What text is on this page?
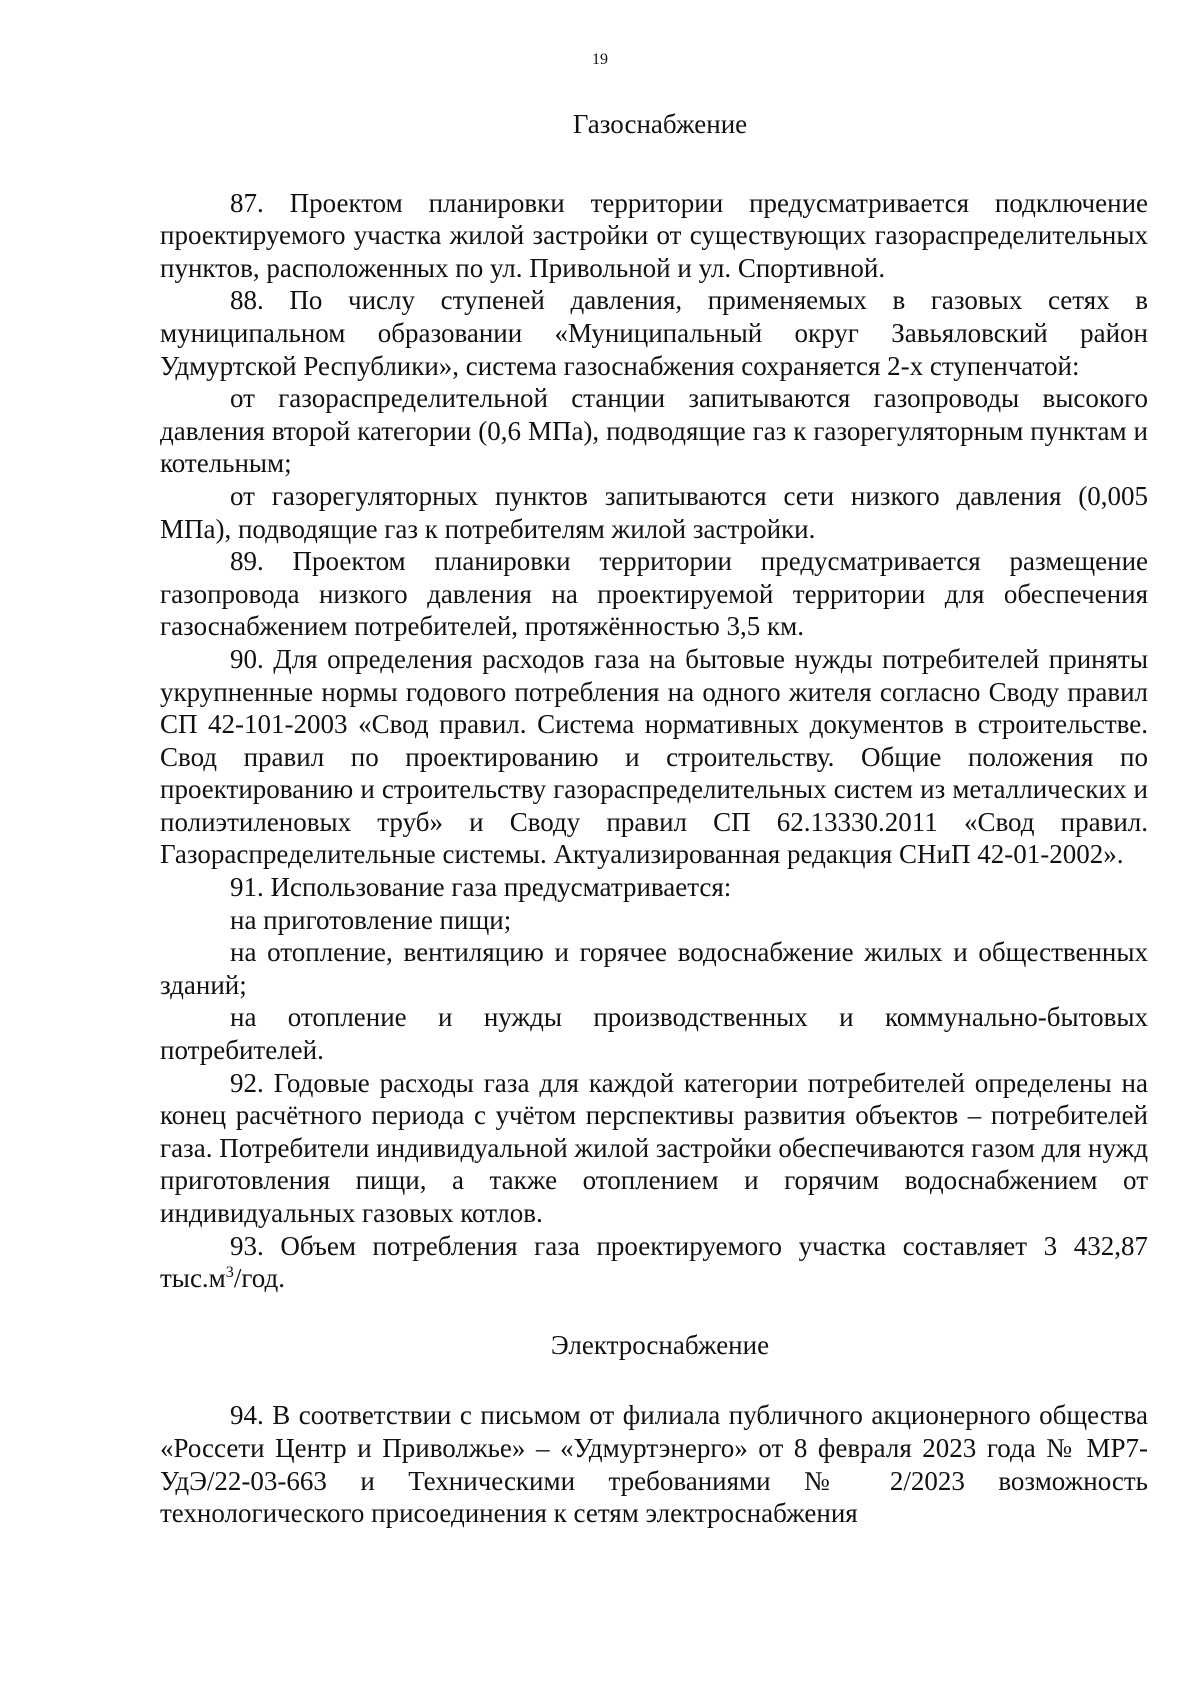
19
Газоснабжение

87. Проектом планировки территории предусматривается подключение проектируемого участка жилой застройки от существующих газораспределительных пунктов, расположенных по ул. Привольной и ул. Спортивной.

88. По числу ступеней давления, применяемых в газовых сетях в муниципальном образовании «Муниципальный округ Завьяловский район Удмуртской Республики», система газоснабжения сохраняется 2-х ступенчатой:

от газораспределительной станции запитываются газопроводы высокого давления второй категории (0,6 МПа), подводящие газ к газорегуляторным пунктам и котельным;

от газорегуляторных пунктов запитываются сети низкого давления (0,005 МПа), подводящие газ к потребителям жилой застройки.

89. Проектом планировки территории предусматривается размещение газопровода низкого давления на проектируемой территории для обеспечения газоснабжением потребителей, протяжённостью 3,5 км.

90. Для определения расходов газа на бытовые нужды потребителей приняты укрупненные нормы годового потребления на одного жителя согласно Своду правил СП 42-101-2003 «Свод правил. Система нормативных документов в строительстве. Свод правил по проектированию и строительству. Общие положения по проектированию и строительству газораспределительных систем из металлических и полиэтиленовых труб» и Своду правил СП 62.13330.2011 «Свод правил. Газораспределительные системы. Актуализированная редакция СНиП 42-01-2002».

91. Использование газа предусматривается:

на приготовление пищи;

на отопление, вентиляцию и горячее водоснабжение жилых и общественных зданий;

на отопление и нужды производственных и коммунально-бытовых потребителей.

92. Годовые расходы газа для каждой категории потребителей определены на конец расчётного периода с учётом перспективы развития объектов – потребителей газа. Потребители индивидуальной жилой застройки обеспечиваются газом для нужд приготовления пищи, а также отоплением и горячим водоснабжением от индивидуальных газовых котлов.

93. Объем потребления газа проектируемого участка составляет 3 432,87 $тыс.м^3$/год.

Электроснабжение

94. В соответствии с письмом от филиала публичного акционерного общества «Россети Центр и Приволжье» – «Удмуртэнерго» от 8 февраля 2023 года № МР7-УдЭ/22-03-663 и Техническими требованиями № 2/2023 возможность технологического присоединения к сетям электроснабжения
